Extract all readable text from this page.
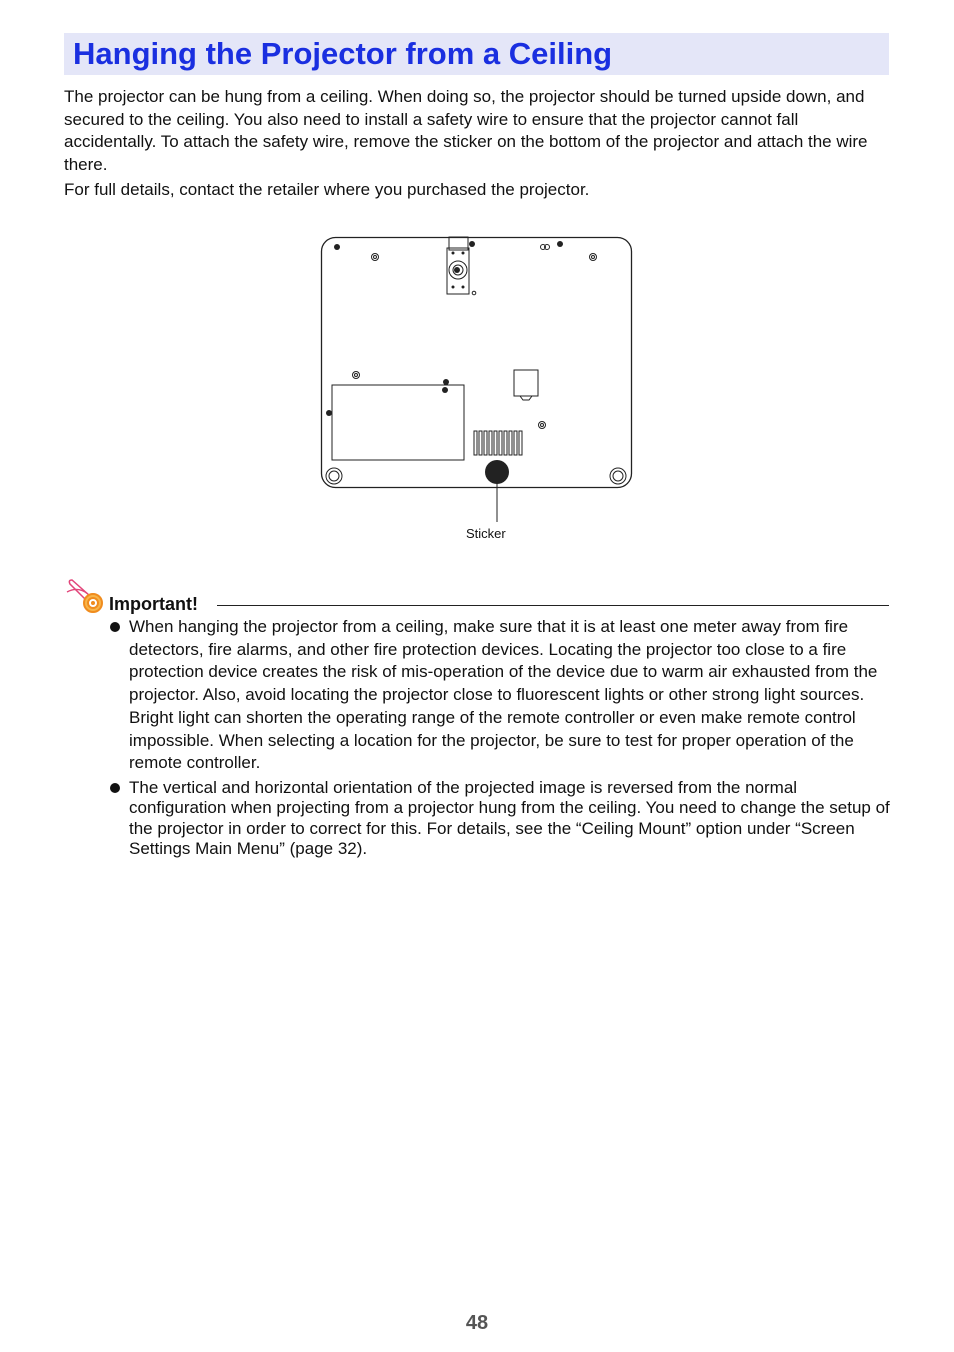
Hanging the Projector from a Ceiling

The projector can be hung from a ceiling. When doing so, the projector should be turned upside down, and secured to the ceiling. You also need to install a safety wire to ensure that the projector cannot fall accidentally. To attach the safety wire, remove the sticker on the bottom of the projector and attach the wire there.

For full details, contact the retailer where you purchased the projector.

Sticker
Important!
When hanging the projector from a ceiling, make sure that it is at least one meter away from fire detectors, fire alarms, and other fire protection devices. Locating the projector too close to a fire protection device creates the risk of mis-operation of the device due to warm air exhausted from the projector. Also, avoid locating the projector close to fluorescent lights or other strong light sources. Bright light can shorten the operating range of the remote controller or even make remote control impossible. When selecting a location for the projector, be sure to test for proper operation of the remote controller.
The vertical and horizontal orientation of the projected image is reversed from the normal configuration when projecting from a projector hung from the ceiling. You need to change the setup of the projector in order to correct for this. For details, see the “Ceiling Mount” option under “Screen Settings Main Menu” (page 32).
48
